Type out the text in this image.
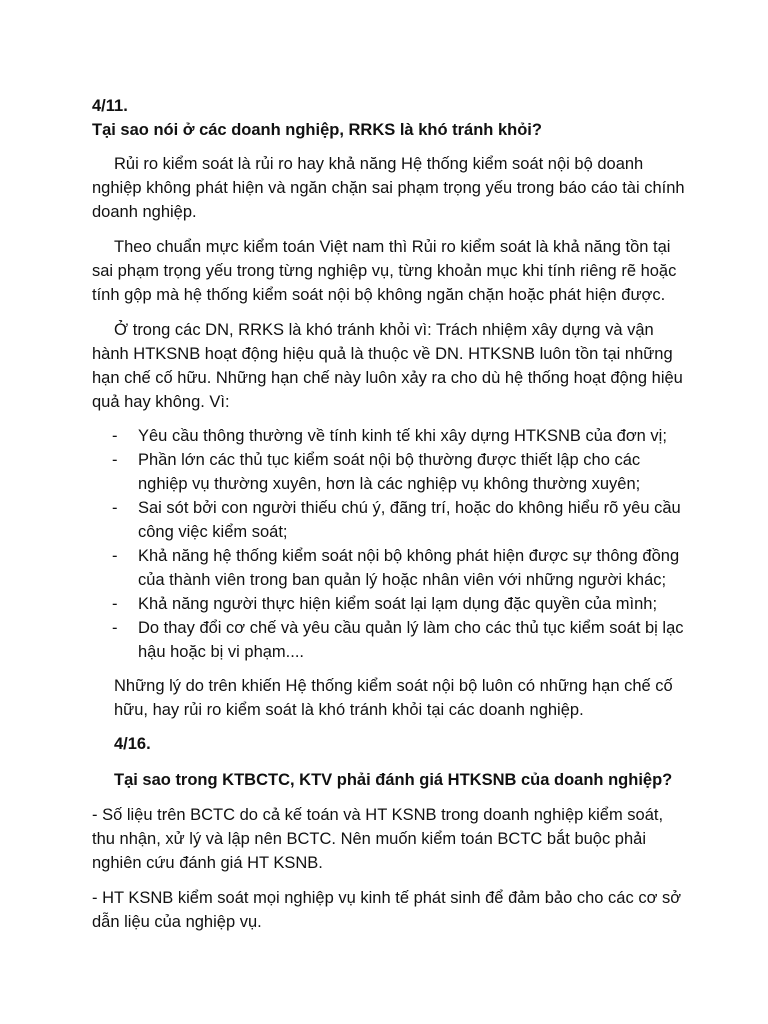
4/11.

Tại sao nói ở các doanh nghiệp, RRKS là khó tránh khỏi?

Rủi ro kiểm soát là rủi ro hay khả năng Hệ thống kiểm soát nội bộ doanh nghiệp không phát hiện và ngăn chặn sai phạm trọng yếu trong báo cáo tài chính doanh nghiệp.

Theo chuẩn mực kiểm toán Việt nam thì Rủi ro kiểm soát là khả năng tồn tại sai phạm trọng yếu trong từng nghiệp vụ, từng khoản mục khi tính riêng rẽ hoặc tính gộp mà hệ thống kiểm soát nội bộ không ngăn chặn hoặc phát hiện được.

Ở trong các DN, RRKS là khó tránh khỏi vì: Trách nhiệm xây dựng và vận hành HTKSNB hoạt động hiệu quả là thuộc về DN. HTKSNB luôn tồn tại những hạn chế cố hữu. Những hạn chế này luôn xảy ra cho dù hệ thống hoạt động hiệu quả hay không. Vì:

- Yêu cầu thông thường về tính kinh tế khi xây dựng HTKSNB của đơn vị;
- Phần lớn các thủ tục kiểm soát nội bộ thường được thiết lập cho các nghiệp vụ thường xuyên, hơn là các nghiệp vụ không thường xuyên;
- Sai sót bởi con người thiếu chú ý, đãng trí, hoặc do không hiểu rõ yêu cầu công việc kiểm soát;
- Khả năng hệ thống kiểm soát nội bộ không phát hiện được sự thông đồng của thành viên trong ban quản lý hoặc nhân viên với những người khác;
- Khả năng người thực hiện kiểm soát lại lạm dụng đặc quyền của mình;
- Do thay đổi cơ chế và yêu cầu quản lý làm cho các thủ tục kiểm soát bị lạc hậu hoặc bị vi phạm....

Những lý do trên khiến Hệ thống kiểm soát nội bộ luôn có những hạn chế cố hữu, hay rủi ro kiểm soát là khó tránh khỏi tại các doanh nghiệp.

4/16.

Tại sao trong KTBCTC, KTV phải đánh giá HTKSNB của doanh nghiệp?

- Số liệu trên BCTC do cả kế toán và HT KSNB trong doanh nghiệp kiểm soát, thu nhận, xử lý và lập nên BCTC. Nên muốn kiểm toán BCTC bắt buộc phải nghiên cứu đánh giá HT KSNB.

- HT KSNB kiểm soát mọi nghiệp vụ kinh tế phát sinh để đảm bảo cho các cơ sở dẫn liệu của nghiệp vụ.
